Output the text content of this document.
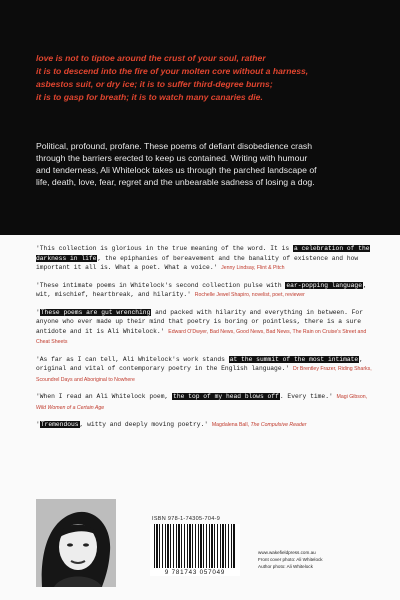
love is not to tiptoe around the crust of your soul, rather
it is to descend into the fire of your molten core without a harness,
asbestos suit, or dry ice; it is to suffer third-degree burns;
it is to gasp for breath; it is to watch many canaries die.

Political, profound, profane. These poems of defiant disobedience crash
through the barriers erected to keep us contained. Writing with humour
and tenderness, Ali Whitelock takes us through the parched landscape of
life, death, love, fear, regret and the unbearable sadness of losing a dog.

'This collection is glorious in the true meaning of the word. It is a celebration of the darkness in life, the epiphanies of bereavement and the banality of existence and how important it all is. What a poet. What a voice.' Jenny Lindsay, Flint & Pitch
'These intimate poems in Whitelock's second collection pulse with ear-popping language, wit, mischief, heartbreak, and hilarity.' Rochelle Jewel Shapiro, novelist, poet, reviewer
'These poems are gut wrenching and packed with hilarity and everything in between. For anyone who ever made up their mind that poetry is boring or pointless, there is a sure antidote and it is Ali Whitelock.' Edward O'Dwyer, Bad News, Good News, Bad News, The Rain on Cruise's Street and Cheat Sheets
'As far as I can tell, Ali Whitelock's work stands at the summit of the most intimate, original and vital of contemporary poetry in the English language.' Dr Brentley Frazer, Riding Sharks, Scoundrel Days and Aboriginal to Nowhere
'When I read an Ali Whitelock poem, the top of my head blows off. Every time.' Magi Gibson, Wild Women of a Certain Age
'Tremendous, witty and deeply moving poetry.' Magdalena Ball, The Compulsive Reader
ISBN 978-1-74305-704-9
9 781743 057049
www.wakefieldpress.com.au
Front cover photo: Ali Whitelock
Author photo: Ali Whitelock
